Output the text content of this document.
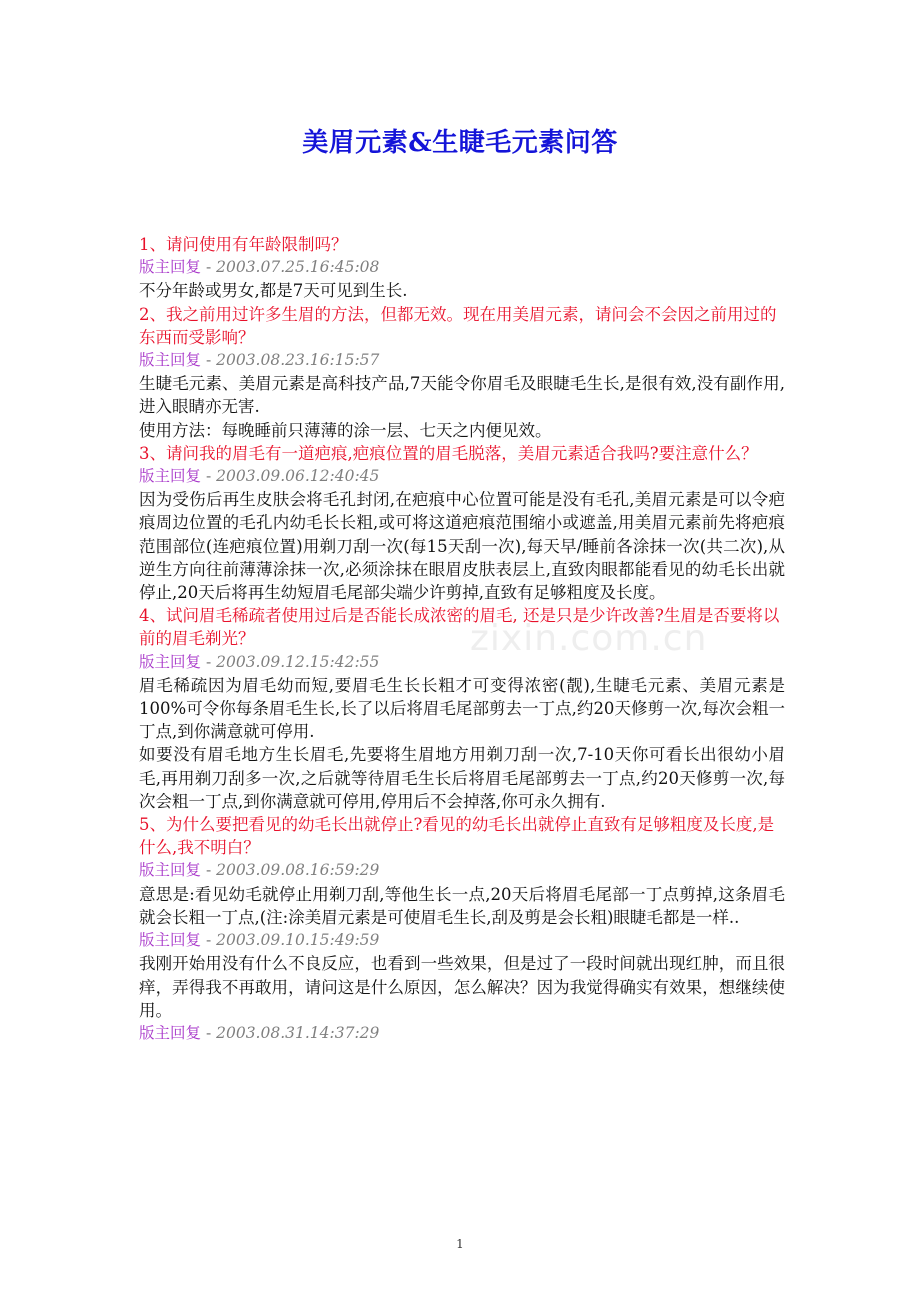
zixin.com.cn
美眉元素&生睫毛元素问答
1、请问使用有年龄限制吗？
版主回复 - 2003.07.25.16:45:08
不分年龄或男女,都是7天可见到生长.
2、我之前用过许多生眉的方法，但都无效。现在用美眉元素，请问会不会因之前用过的东西而受影响？
版主回复 - 2003.08.23.16:15:57
生睫毛元素、美眉元素是高科技产品,7天能令你眉毛及眼睫毛生长,是很有效,没有副作用,进入眼睛亦无害.
使用方法：每晚睡前只薄薄的涂一层、七天之内便见效。
3、请问我的眉毛有一道疤痕,疤痕位置的眉毛脱落，美眉元素适合我吗?要注意什么？
版主回复 - 2003.09.06.12:40:45
因为受伤后再生皮肤会将毛孔封闭,在疤痕中心位置可能是没有毛孔,美眉元素是可以令疤痕周边位置的毛孔内幼毛长长粗,或可将这道疤痕范围缩小或遮盖,用美眉元素前先将疤痕范围部位(连疤痕位置)用剃刀刮一次(每15天刮一次),每天早/睡前各涂抹一次(共二次),从逆生方向往前薄薄涂抹一次,必须涂抹在眼眉皮肤表层上,直致肉眼都能看见的幼毛长出就停止,20天后将再生幼短眉毛尾部尖端少许剪掉,直致有足够粗度及长度。
4、试问眉毛稀疏者使用过后是否能长成浓密的眉毛, 还是只是少许改善?生眉是否要将以前的眉毛剃光？
版主回复 - 2003.09.12.15:42:55
眉毛稀疏因为眉毛幼而短,要眉毛生长长粗才可变得浓密(靓),生睫毛元素、美眉元素是100%可令你每条眉毛生长,长了以后将眉毛尾部剪去一丁点,约20天修剪一次,每次会粗一丁点,到你满意就可停用.
如要没有眉毛地方生长眉毛,先要将生眉地方用剃刀刮一次,7-10天你可看长出很幼小眉毛,再用剃刀刮多一次,之后就等待眉毛生长后将眉毛尾部剪去一丁点,约20天修剪一次,每次会粗一丁点,到你满意就可停用,停用后不会掉落,你可永久拥有.
5、为什么要把看见的幼毛长出就停止?看见的幼毛长出就停止直致有足够粗度及长度,是什么,我不明白？
版主回复 - 2003.09.08.16:59:29
意思是:看见幼毛就停止用剃刀刮,等他生长一点,20天后将眉毛尾部一丁点剪掉,这条眉毛就会长粗一丁点,(注:涂美眉元素是可使眉毛生长,刮及剪是会长粗)眼睫毛都是一样..
版主回复 - 2003.09.10.15:49:59
我刚开始用没有什么不良反应，也看到一些效果，但是过了一段时间就出现红肿，而且很痒，弄得我不再敢用，请问这是什么原因，怎么解决？因为我觉得确实有效果，想继续使用。
版主回复 - 2003.08.31.14:37:29
1
